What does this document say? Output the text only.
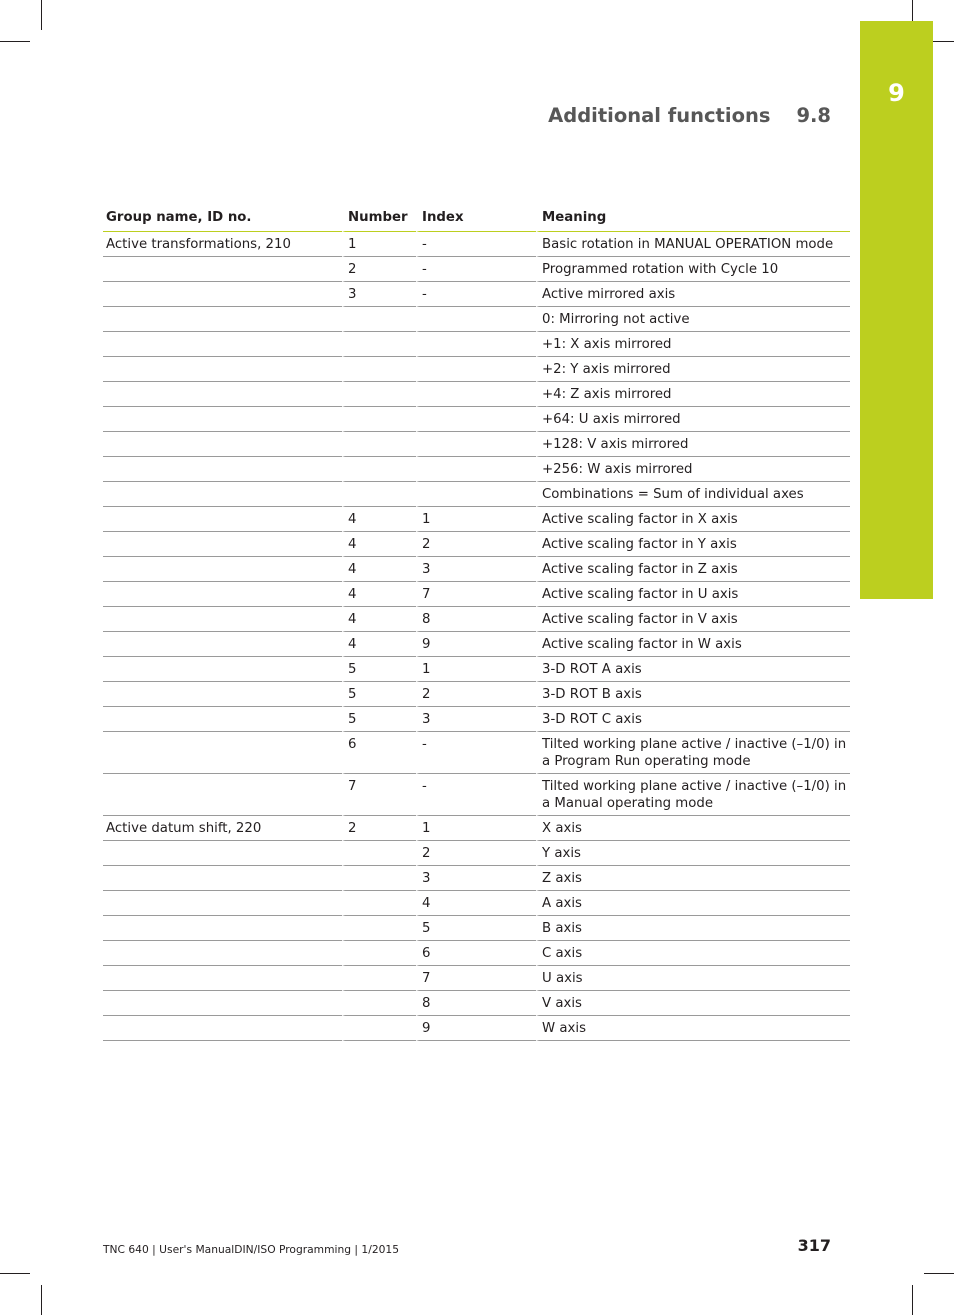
9
Additional functions 9.8
Group name, ID no.	Number	Index	Meaning
Active transformations, 210	1	-	Basic rotation in MANUAL OPERATION mode
	2	-	Programmed rotation with Cycle 10
	3	-	Active mirrored axis
			0: Mirroring not active
			+1: X axis mirrored
			+2: Y axis mirrored
			+4: Z axis mirrored
			+64: U axis mirrored
			+128: V axis mirrored
			+256: W axis mirrored
			Combinations = Sum of individual axes
	4	1	Active scaling factor in X axis
	4	2	Active scaling factor in Y axis
	4	3	Active scaling factor in Z axis
	4	7	Active scaling factor in U axis
	4	8	Active scaling factor in V axis
	4	9	Active scaling factor in W axis
	5	1	3-D ROT A axis
	5	2	3-D ROT B axis
	5	3	3-D ROT C axis
	6	-	Tilted working plane active / inactive (–1/0) in a Program Run operating mode
	7	-	Tilted working plane active / inactive (–1/0) in a Manual operating mode
Active datum shift, 220	2	1	X axis
		2	Y axis
		3	Z axis
		4	A axis
		5	B axis
		6	C axis
		7	U axis
		8	V axis
		9	W axis
TNC 640 | User's ManualDIN/ISO Programming | 1/2015	317
